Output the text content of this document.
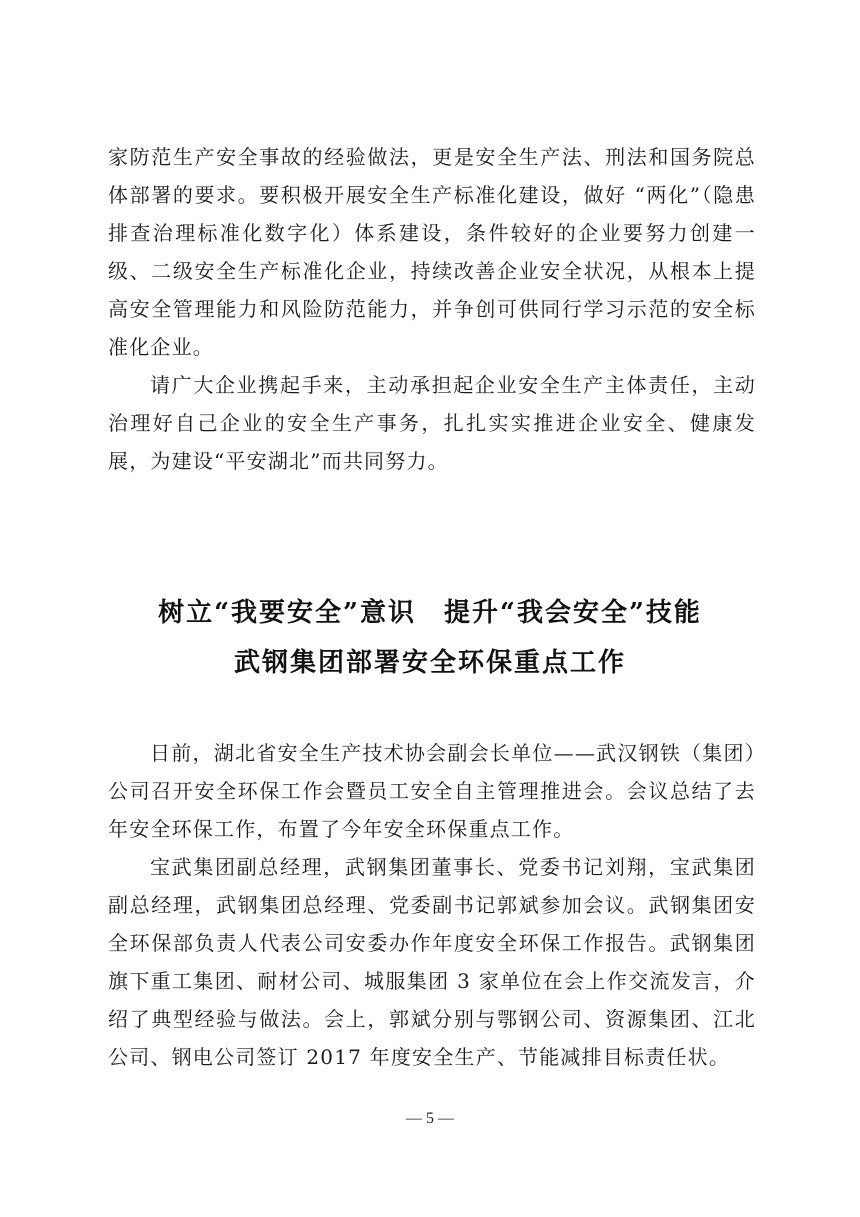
家防范生产安全事故的经验做法，更是安全生产法、刑法和国务院总体部署的要求。要积极开展安全生产标准化建设，做好 “两化”（隐患排查治理标准化数字化）体系建设，条件较好的企业要努力创建一级、二级安全生产标准化企业，持续改善企业安全状况，从根本上提高安全管理能力和风险防范能力，并争创可供同行学习示范的安全标准化企业。

请广大企业携起手来，主动承担起企业安全生产主体责任，主动治理好自己企业的安全生产事务，扎扎实实推进企业安全、健康发展，为建设“平安湖北”而共同努力。

树立“我要安全”意识　提升“我会安全”技能
武钢集团部署安全环保重点工作

日前，湖北省安全生产技术协会副会长单位——武汉钢铁（集团）公司召开安全环保工作会暨员工安全自主管理推进会。会议总结了去年安全环保工作，布置了今年安全环保重点工作。

宝武集团副总经理，武钢集团董事长、党委书记刘翔，宝武集团副总经理，武钢集团总经理、党委副书记郭斌参加会议。武钢集团安全环保部负责人代表公司安委办作年度安全环保工作报告。武钢集团旗下重工集团、耐材公司、城服集团 3 家单位在会上作交流发言，介绍了典型经验与做法。会上，郭斌分别与鄂钢公司、资源集团、江北公司、钢电公司签订 2017 年度安全生产、节能减排目标责任状。

— 5 —
